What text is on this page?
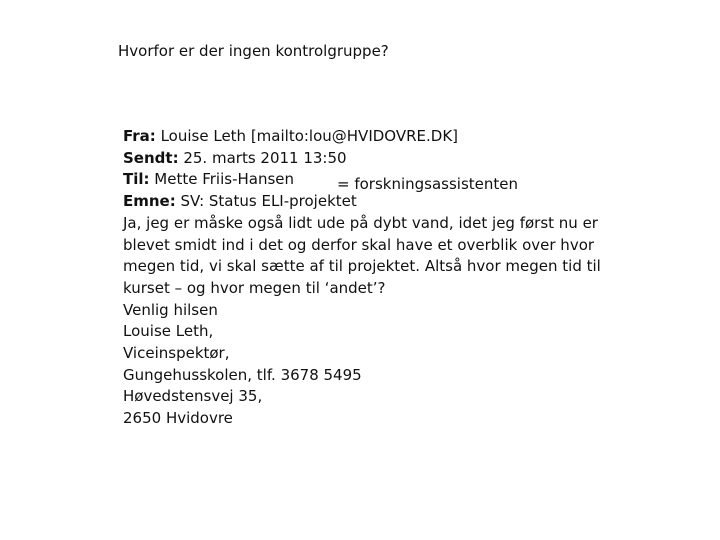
Hvorfor er der ingen kontrolgruppe?
Fra: Louise Leth [mailto:lou@HVIDOVRE.DK]
Sendt: 25. marts 2011 13:50
Til: Mette Friis-Hansen	= forskningsassistenten
Emne: SV: Status ELI-projektet

Ja, jeg er måske også lidt ude på dybt vand, idet jeg først nu er blevet smidt ind i det og derfor skal have et overblik over hvor megen tid, vi skal sætte af til projektet. Altså hvor megen tid til kurset – og hvor megen til ‘andet’?

Venlig hilsen
Louise Leth,
Viceinspektør,
Gungehusskolen, tlf. 3678 5495
Høvedstensvej 35,
2650 Hvidovre
